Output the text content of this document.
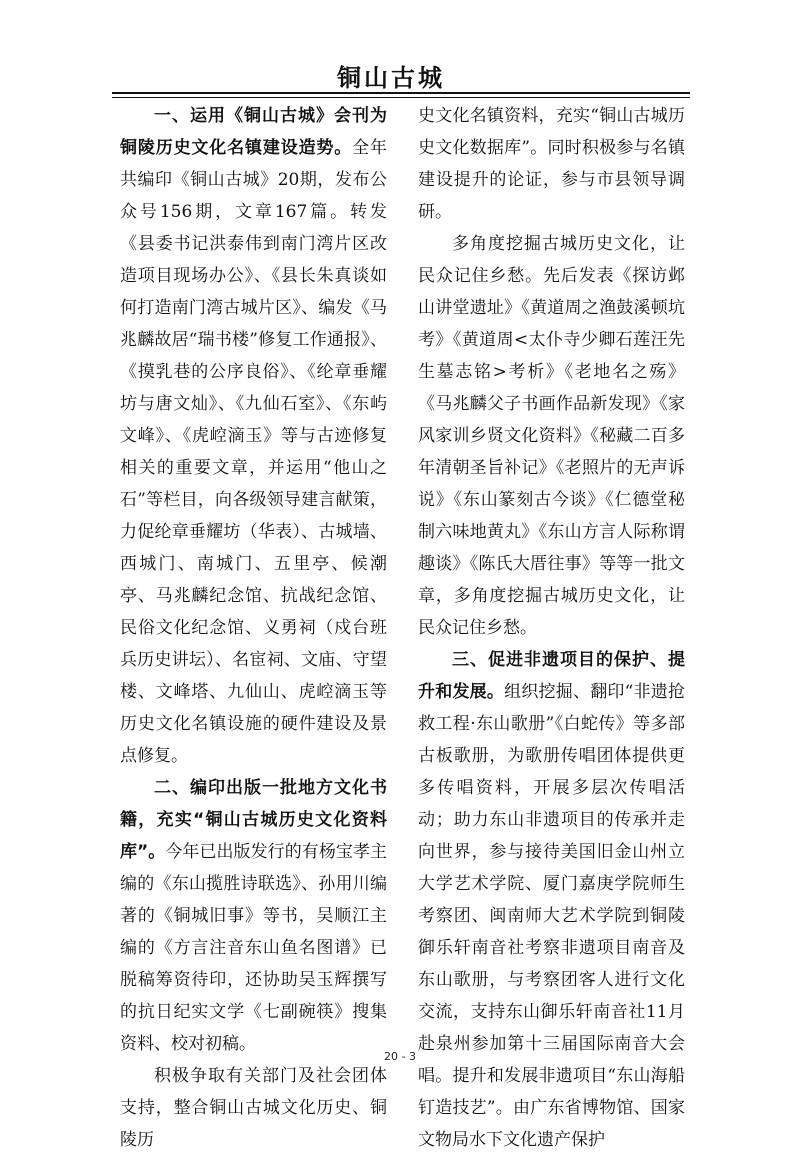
铜山古城

一、运用《铜山古城》会刊为铜陵历史文化名镇建设造势。全年共编印《铜山古城》20期，发布公众号156期，文章167篇。转发《县委书记洪泰伟到南门湾片区改造项目现场办公》、《县长朱真谈如何打造南门湾古城片区》、编发《马兆麟故居“瑞书楼”修复工作通报》、《摸乳巷的公序良俗》、《纶章垂耀坊与唐文灿》、《九仙石室》、《东屿文峰》、《虎崆滴玉》等与古迹修复相关的重要文章，并运用“他山之石”等栏目，向各级领导建言献策，力促纶章垂耀坊（华表）、古城墙、西城门、南城门、五里亭、候潮亭、马兆麟纪念馆、抗战纪念馆、民俗文化纪念馆、义勇祠（戍台班兵历史讲坛）、名宦祠、文庙、守望楼、文峰塔、九仙山、虎崆滴玉等历史文化名镇设施的硬件建设及景点修复。

二、编印出版一批地方文化书籍，充实“铜山古城历史文化资料库”。今年已出版发行的有杨宝孝主编的《东山揽胜诗联选》、孙用川编著的《铜城旧事》等书，吴顺江主编的《方言注音东山鱼名图谱》已脱稿筹资待印，还协助吴玉辉撰写的抗日纪实文学《七副碗筷》搜集资料、校对初稿。

积极争取有关部门及社会团体支持，整合铜山古城文化历史、铜陵历

史文化名镇资料，充实“铜山古城历史文化数据库”。同时积极参与名镇建设提升的论证，参与市县领导调研。

多角度挖掘古城历史文化，让民众记住乡愁。先后发表《探访邺山讲堂遗址》《黄道周之渔鼓溪顿坑考》《黄道周<太仆寺少卿石莲汪先生墓志铭>考析》《老地名之殇》《马兆麟父子书画作品新发现》《家风家训乡贤文化资料》《秘藏二百多年清朝圣旨补记》《老照片的无声诉说》《东山篆刻古今谈》《仁德堂秘制六味地黄丸》《东山方言人际称谓趣谈》《陈氏大厝往事》等等一批文章，多角度挖掘古城历史文化，让民众记住乡愁。

三、促进非遗项目的保护、提升和发展。组织挖掘、翻印“非遗抢救工程·东山歌册”《白蛇传》等多部古板歌册，为歌册传唱团体提供更多传唱资料，开展多层次传唱活动；助力东山非遗项目的传承并走向世界，参与接待美国旧金山州立大学艺术学院、厦门嘉庚学院师生考察团、闽南师大艺术学院到铜陵御乐轩南音社考察非遗项目南音及东山歌册，与考察团客人进行文化交流，支持东山御乐轩南音社11月赴泉州参加第十三届国际南音大会唱。提升和发展非遗项目“东山海船钉造技艺”。由广东省博物馆、国家文物局水下文化遗产保护

20 - 3
